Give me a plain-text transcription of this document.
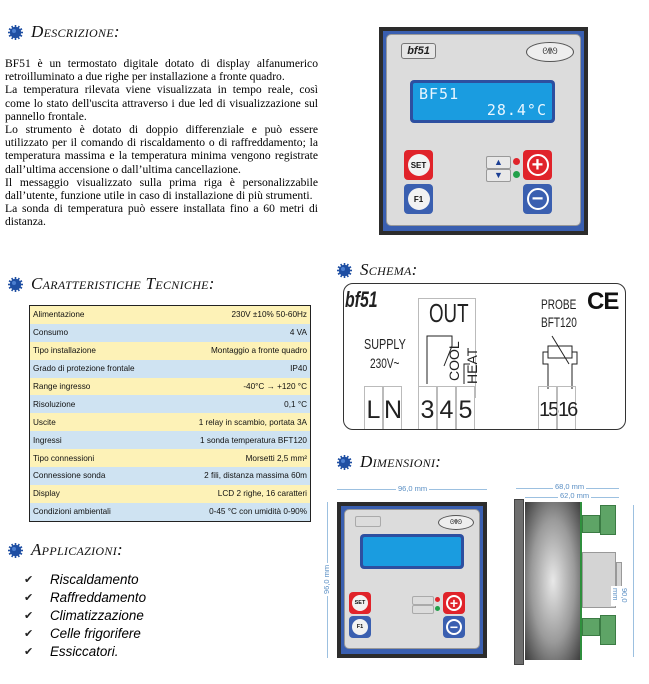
Descrizione:

BF51 è un termostato digitale dotato di display alfanumerico retroilluminato a due righe per installazione a fronte quadro.

La temperatura rilevata viene visualizzata in tempo reale, così come lo stato dell'uscita attraverso i due led di visualizzazione sul pannello frontale.

Lo strumento è dotato di doppio differenziale e può essere utilizzato per il comando di riscaldamento o di raffreddamento; la temperatura massima e la temperatura minima vengono registrate dall’ultima accensione o dall’ultima cancellazione.

Il messaggio visualizzato sulla prima riga è personalizzabile dall’utente, funzione utile in caso di installazione di più strumenti.

La sonda di temperatura può essere installata fino a 60 metri di distanza.

Caratteristiche Tecniche:
Alimentazione	230V ±10% 50-60Hz
Consumo	4 VA
Tipo installazione	Montaggio a fronte quadro
Grado di protezione frontale	IP40
Range ingresso	-40°C → +120 °C
Risoluzione	0,1 °C
Uscite	1 relay in scambio, portata 3A
Ingressi	1 sonda temperatura BFT120
Tipo connessioni	Morsetti 2,5 mm²
Connessione sonda	2 fili, distanza massima 60m
Display	LCD 2 righe, 16 caratteri
Condizioni ambientali	0-45 °C con umidità 0-90%
Applicazioni:
✔	Riscaldamento
✔	Raffreddamento
✔	Climatizzazione
✔	Celle frigorifere
✔	Essiccatori.
bf51	ᘛᘚ
BF51
28.4°C
SET
F1
▲
▼	+
−
Schema:
bf51 OUT
SUPPLY
230V~	COOL HEAT
PROBE
BFT120
CE
L N 3 4 5	15 16
Dimensioni:
96,0 mm
96,0 mm
ᘛᘚ
SET
F1
+
−
68,0 mm
62,0 mm
90,0 mm
